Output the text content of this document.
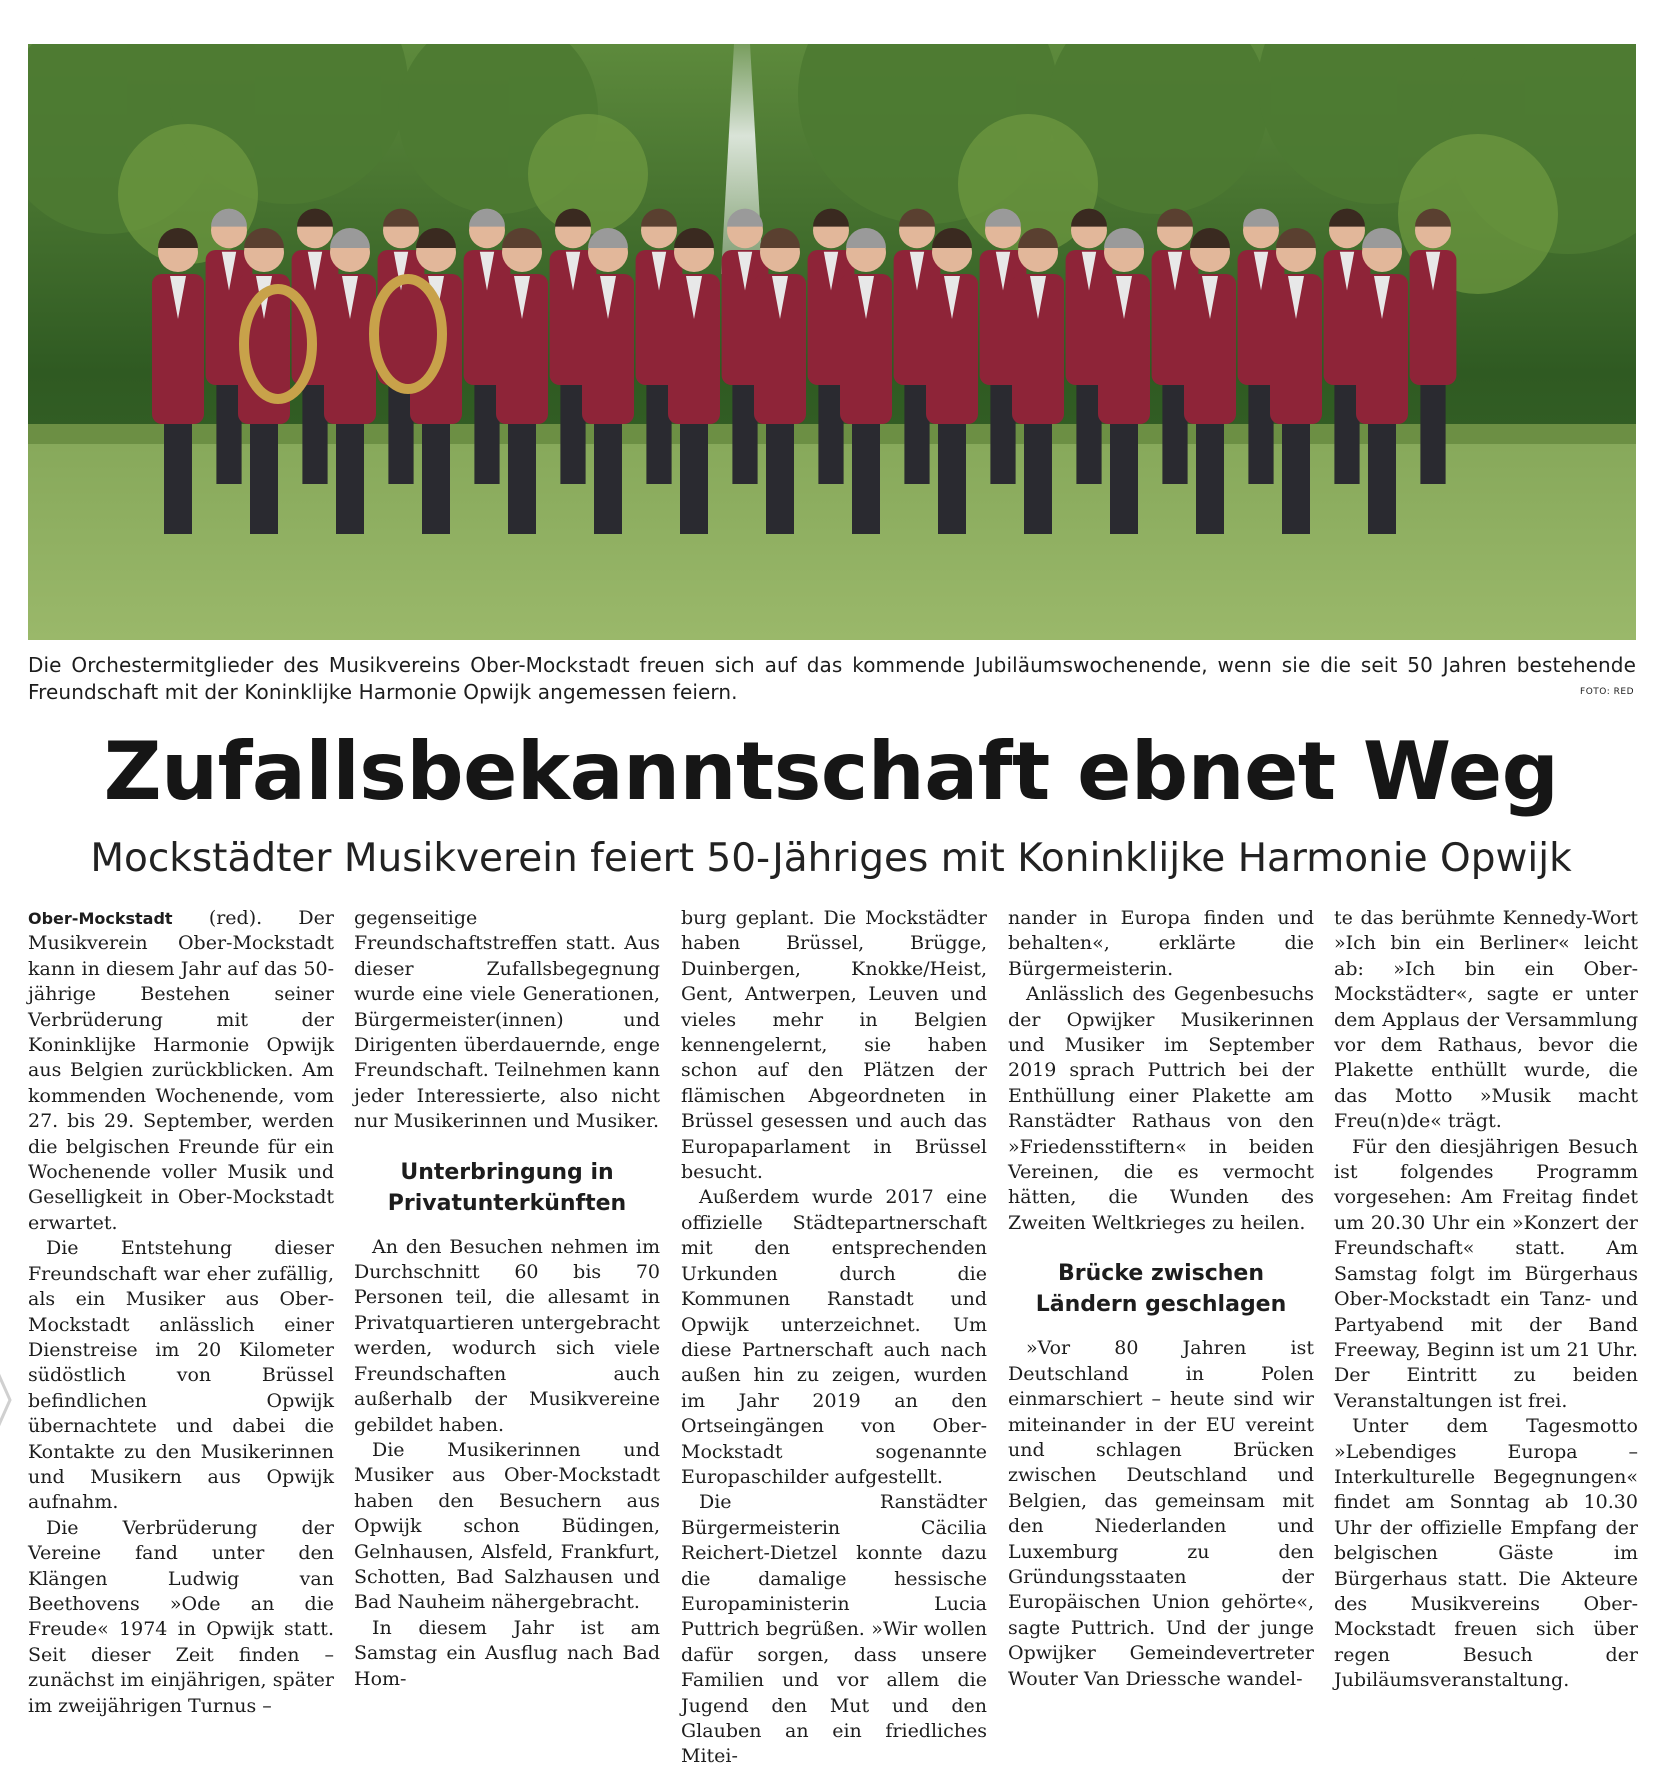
Die Orchestermitglieder des Musikvereins Ober-Mockstadt freuen sich auf das kommende Jubiläumswochenende, wenn sie die seit 50 Jahren bestehende
Freundschaft mit der Koninklijke Harmonie Opwijk angemessen feiern.	FOTO: RED
Zufallsbekanntschaft ebnet Weg
Mockstädter Musikverein feiert 50-Jähriges mit Koninklijke Harmonie Opwijk

Ober-Mockstadt (red). Der Musikverein Ober-Mockstadt kann in diesem Jahr auf das 50-jährige Bestehen seiner Verbrüderung mit der Koninklijke Harmonie Opwijk aus Belgien zurückblicken. Am kommenden Wochenende, vom 27. bis 29. September, werden die belgischen Freunde für ein Wochenende voller Musik und Geselligkeit in Ober-Mockstadt erwartet.

Die Entstehung dieser Freundschaft war eher zufällig, als ein Musiker aus Ober-Mockstadt anlässlich einer Dienstreise im 20 Kilometer südöstlich von Brüssel befindlichen Opwijk übernachtete und dabei die Kontakte zu den Musikerinnen und Musikern aus Opwijk aufnahm.

Die Verbrüderung der Vereine fand unter den Klängen Ludwig van Beethovens »Ode an die Freude« 1974 in Opwijk statt. Seit dieser Zeit finden – zunächst im einjährigen, später im zweijährigen Turnus –

gegenseitige Freundschaftstreffen statt. Aus dieser Zufallsbegegnung wurde eine viele Generationen, Bürgermeister(innen) und Dirigenten überdauernde, enge Freundschaft. Teilnehmen kann jeder Interessierte, also nicht nur Musikerinnen und Musiker.

Unterbringung in Privatunterkünften

An den Besuchen nehmen im Durchschnitt 60 bis 70 Personen teil, die allesamt in Privatquartieren untergebracht werden, wodurch sich viele Freundschaften auch außerhalb der Musikvereine gebildet haben.

Die Musikerinnen und Musiker aus Ober-Mockstadt haben den Besuchern aus Opwijk schon Büdingen, Gelnhausen, Alsfeld, Frankfurt, Schotten, Bad Salzhausen und Bad Nauheim nähergebracht.

In diesem Jahr ist am Samstag ein Ausflug nach Bad Hom-

burg geplant. Die Mockstädter haben Brüssel, Brügge, Duinbergen, Knokke/Heist, Gent, Antwerpen, Leuven und vieles mehr in Belgien kennengelernt, sie haben schon auf den Plätzen der flämischen Abgeordneten in Brüssel gesessen und auch das Europaparlament in Brüssel besucht.

Außerdem wurde 2017 eine offizielle Städtepartnerschaft mit den entsprechenden Urkunden durch die Kommunen Ranstadt und Opwijk unterzeichnet. Um diese Partnerschaft auch nach außen hin zu zeigen, wurden im Jahr 2019 an den Ortseingängen von Ober-Mockstadt sogenannte Europaschilder aufgestellt.

Die Ranstädter Bürgermeisterin Cäcilia Reichert-Dietzel konnte dazu die damalige hessische Europaministerin Lucia Puttrich begrüßen. »Wir wollen dafür sorgen, dass unsere Familien und vor allem die Jugend den Mut und den Glauben an ein friedliches Mitei-

nander in Europa finden und behalten«, erklärte die Bürgermeisterin.

Anlässlich des Gegenbesuchs der Opwijker Musikerinnen und Musiker im September 2019 sprach Puttrich bei der Enthüllung einer Plakette am Ranstädter Rathaus von den »Friedensstiftern« in beiden Vereinen, die es vermocht hätten, die Wunden des Zweiten Weltkrieges zu heilen.

Brücke zwischen Ländern geschlagen

»Vor 80 Jahren ist Deutschland in Polen einmarschiert – heute sind wir miteinander in der EU vereint und schlagen Brücken zwischen Deutschland und Belgien, das gemeinsam mit den Niederlanden und Luxemburg zu den Gründungsstaaten der Europäischen Union gehörte«, sagte Puttrich. Und der junge Opwijker Gemeindevertreter Wouter Van Driessche wandel-

te das berühmte Kennedy-Wort »Ich bin ein Berliner« leicht ab: »Ich bin ein Ober-Mockstädter«, sagte er unter dem Applaus der Versammlung vor dem Rathaus, bevor die Plakette enthüllt wurde, die das Motto »Musik macht Freu(n)de« trägt.

Für den diesjährigen Besuch ist folgendes Programm vorgesehen: Am Freitag findet um 20.30 Uhr ein »Konzert der Freundschaft« statt. Am Samstag folgt im Bürgerhaus Ober-Mockstadt ein Tanz- und Partyabend mit der Band Freeway, Beginn ist um 21 Uhr. Der Eintritt zu beiden Veranstaltungen ist frei.

Unter dem Tagesmotto »Lebendiges Europa – Interkulturelle Begegnungen« findet am Sonntag ab 10.30 Uhr der offizielle Empfang der belgischen Gäste im Bürgerhaus statt. Die Akteure des Musikvereins Ober-Mockstadt freuen sich über regen Besuch der Jubiläumsveranstaltung.
